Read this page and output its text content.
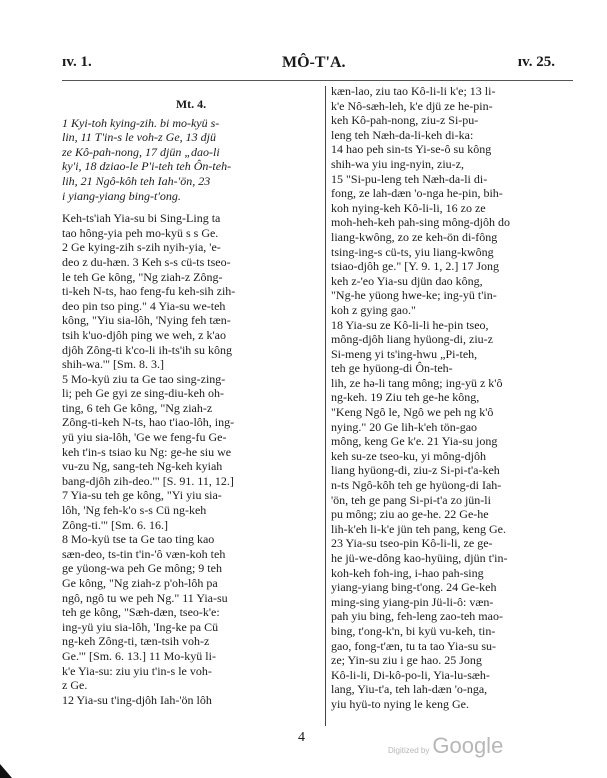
ɪv. 1.	MÔ-T'A.	ɪv. 25.
Mt. 4.
1 Kyi-toh kying-zih. bi mo-kyü s-
lin, 11 T'in-s le voh-z Ge, 13 djü
ze Kô-pah-nong, 17 djün „dao-li
ky'i, 18 dziao-le P'i-teh teh Ôn-teh-
lih, 21 Ngô-kôh teh Iah-'ön, 23
i yiang-yiang bing-t'ong.
Keh-ts'iah Yia-su bi Sing-Ling ta
tao hông-yia peh mo-kyü s s Ge.
2 Ge kying-zih s-zih nyih-yia, 'e-
deo z du-hæn. 3 Keh s-s cü-ts tseo-
le teh Ge kông, "Ng ziah-z Zông-
ti-keh N-ts, hao feng-fu keh-sih zih-
deo pin tso ping." 4 Yia-su we-teh
kông, "Yiu sia-lôh, 'Nying feh tæn-
tsih k'uo-djôh ping we weh, z k'ao
djôh Zông-ti k'co-li ih-ts'ih su kông
shih-wa.'" [Sm. 8. 3.]
5 Mo-kyü ziu ta Ge tao sing-zing-
li; peh Ge gyi ze sing-diu-keh oh-
ting, 6 teh Ge kông, "Ng ziah-z
Zông-ti-keh N-ts, hao t'iao-lôh, ing-
yü yiu sia-lôh, 'Ge we feng-fu Ge-
keh t'in-s tsiao ku Ng: ge-he siu we
vu-zu Ng, sang-teh Ng-keh kyiah
bang-djôh zih-deo.'" [S. 91. 11, 12.]
7 Yia-su teh ge kông, "Yi yiu sia-
lôh, 'Ng feh-k'o s-s Cü ng-keh
Zông-ti.'" [Sm. 6. 16.]
8 Mo-kyü tse ta Ge tao ting kao
sæn-deo, ts-tin t'in-'ô væn-koh teh
ge yüong-wa peh Ge mông; 9 teh
Ge kông, "Ng ziah-z p'oh-lôh pa
ngô, ngô tu we peh Ng." 11 Yia-su
teh ge kông, "Sæh-dæn, tseo-k'e:
ing-yü yiu sia-lôh, 'Ing-ke pa Cü
ng-keh Zông-ti, tæn-tsih voh-z
Ge.'" [Sm. 6. 13.] 11 Mo-kyü li-
k'e Yia-su: ziu yiu t'in-s le voh-
z Ge.
12 Yia-su t'ing-djôh Iah-'ön lôh
kæn-lao, ziu tao Kô-li-li k'e; 13 li-
k'e Nô-sæh-leh, k'e djü ze he-pin-
keh Kô-pah-nong, ziu-z Si-pu-
leng teh Næh-da-li-keh di-ka:
14 hao peh sin-ts Yi-se-ô su kông
shih-wa yiu ing-nyin, ziu-z,
15 "Si-pu-leng teh Næh-da-li di-
fong, ze lah-dæn 'o-nga he-pin, bih-
koh nying-keh Kô-li-li, 16 zo ze
moh-heh-keh pah-sing mông-djôh do
liang-kwông, zo ze keh-ön di-fông
tsing-ing-s cü-ts, yiu liang-kwông
tsiao-djôh ge." [Y. 9. 1, 2.] 17 Jong
keh z-'eo Yia-su djün dao kông,
"Ng-he yüong hwe-ke; ing-yü t'in-
koh z gying gao."
18 Yia-su ze Kô-li-li he-pin tseo,
mông-djôh liang hyüong-di, ziu-z
Si-meng yi ts'ing-hwu „Pi-teh,
teh ge hyüong-di Ôn-teh-
lih, ze hə-li tang mông; ing-yü z k'ô
ng-keh. 19 Ziu teh ge-he kông,
"Keng Ngô le, Ngô we peh ng k'ô
nying." 20 Ge lih-k'eh tön-gao
mông, keng Ge k'e. 21 Yia-su jong
keh su-ze tseo-ku, yi mông-djôh
liang hyüong-di, ziu-z Si-pi-t'a-keh
n-ts Ngô-kôh teh ge hyüong-di Iah-
'ön, teh ge pang Si-pi-t'a zo jün-li
pu mông; ziu ao ge-he. 22 Ge-he
lih-k'eh li-k'e jün teh pang, keng Ge.
23 Yia-su tseo-pin Kô-li-li, ze ge-
he jü-we-dông kao-hyüing, djün t'in-
koh-keh foh-ing, i-hao pah-sing
yiang-yiang bing-t'ong. 24 Ge-keh
ming-sing yiang-pin Jü-li-ô: væn-
pah yiu bing, feh-leng zao-teh mao-
bing, t'ong-k'n, bi kyü vu-keh, tin-
gao, fong-t'æn, tu ta tao Yia-su su-
ze; Yin-su ziu i ge hao. 25 Jong
Kô-li-li, Di-kô-po-li, Yia-lu-sæh-
lang, Yiu-t'a, teh lah-dæn 'o-nga,
yiu hyü-to nying le keng Ge.
4
Digitized by Google
